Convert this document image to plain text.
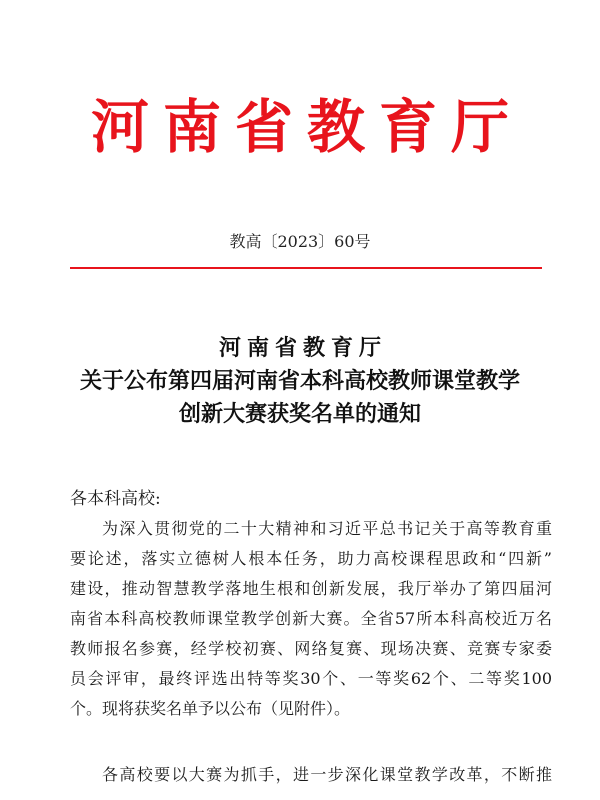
河南省教育厅
教高〔2023〕60号
河南省教育厅
关于公布第四届河南省本科高校教师课堂教学
创新大赛获奖名单的通知
各本科高校:
为深入贯彻党的二十大精神和习近平总书记关于高等教育重
要论述，落实立德树人根本任务，助力高校课程思政和“四新”
建设，推动智慧教学落地生根和创新发展，我厅举办了第四届河
南省本科高校教师课堂教学创新大赛。全省57所本科高校近万名
教师报名参赛，经学校初赛、网络复赛、现场决赛、竞赛专家委
员会评审，最终评选出特等奖30个、一等奖62个、二等奖100
个。现将获奖名单予以公布（见附件）。
各高校要以大赛为抓手，进一步深化课堂教学改革，不断推
